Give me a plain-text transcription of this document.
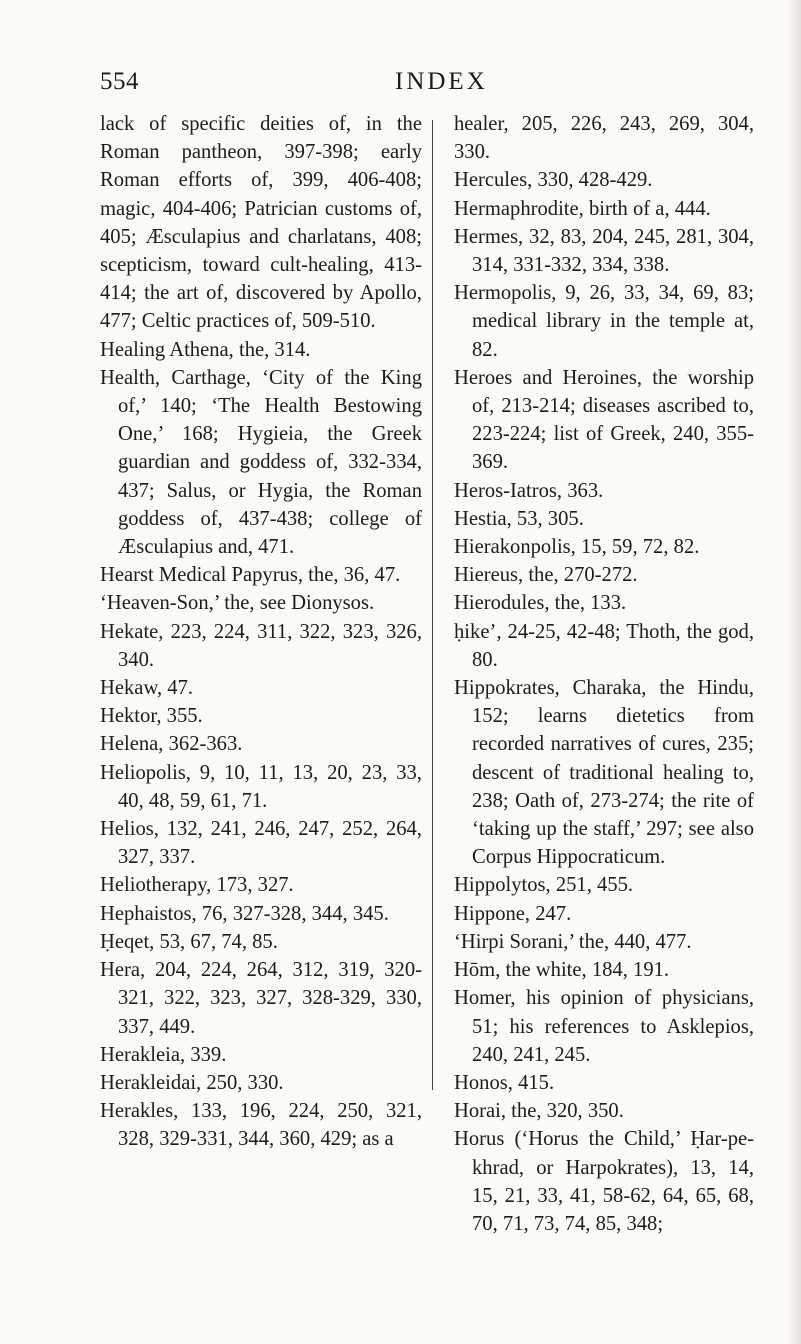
554	INDEX

lack of specific deities of, in the Roman pantheon, 397-398; early Roman efforts of, 399, 406-408; magic, 404-406; Patrician customs of, 405; Æsculapius and charlatans, 408; scepticism, toward cult-healing, 413-414; the art of, discovered by Apollo, 477; Celtic practices of, 509-510.

Healing Athena, the, 314.

Health, Carthage, ‘City of the King of,’ 140; ‘The Health Bestowing One,’ 168; Hygieia, the Greek guardian and goddess of, 332-334, 437; Salus, or Hygia, the Roman goddess of, 437-438; college of Æsculapius and, 471.

Hearst Medical Papyrus, the, 36, 47.

‘Heaven-Son,’ the, see Dionysos.

Hekate, 223, 224, 311, 322, 323, 326, 340.

Hekaw, 47.

Hektor, 355.

Helena, 362-363.

Heliopolis, 9, 10, 11, 13, 20, 23, 33, 40, 48, 59, 61, 71.

Helios, 132, 241, 246, 247, 252, 264, 327, 337.

Heliotherapy, 173, 327.

Hephaistos, 76, 327-328, 344, 345.

Ḥeqet, 53, 67, 74, 85.

Hera, 204, 224, 264, 312, 319, 320-321, 322, 323, 327, 328-329, 330, 337, 449.

Herakleia, 339.

Herakleidai, 250, 330.

Herakles, 133, 196, 224, 250, 321, 328, 329-331, 344, 360, 429; as a

healer, 205, 226, 243, 269, 304, 330.

Hercules, 330, 428-429.

Hermaphrodite, birth of a, 444.

Hermes, 32, 83, 204, 245, 281, 304, 314, 331-332, 334, 338.

Hermopolis, 9, 26, 33, 34, 69, 83; medical library in the temple at, 82.

Heroes and Heroines, the worship of, 213-214; diseases ascribed to, 223-224; list of Greek, 240, 355-369.

Heros-Iatros, 363.

Hestia, 53, 305.

Hierakonpolis, 15, 59, 72, 82.

Hiereus, the, 270-272.

Hierodules, the, 133.

ḥike’, 24-25, 42-48; Thoth, the god, 80.

Hippokrates, Charaka, the Hindu, 152; learns dietetics from recorded narratives of cures, 235; descent of traditional healing to, 238; Oath of, 273-274; the rite of ‘taking up the staff,’ 297; see also Corpus Hippocraticum.

Hippolytos, 251, 455.

Hippone, 247.

‘Hirpi Sorani,’ the, 440, 477.

Hōm, the white, 184, 191.

Homer, his opinion of physicians, 51; his references to Asklepios, 240, 241, 245.

Honos, 415.

Horai, the, 320, 350.

Horus (‘Horus the Child,’ Ḥar-pe-khrad, or Harpokrates), 13, 14, 15, 21, 33, 41, 58-62, 64, 65, 68, 70, 71, 73, 74, 85, 348;
